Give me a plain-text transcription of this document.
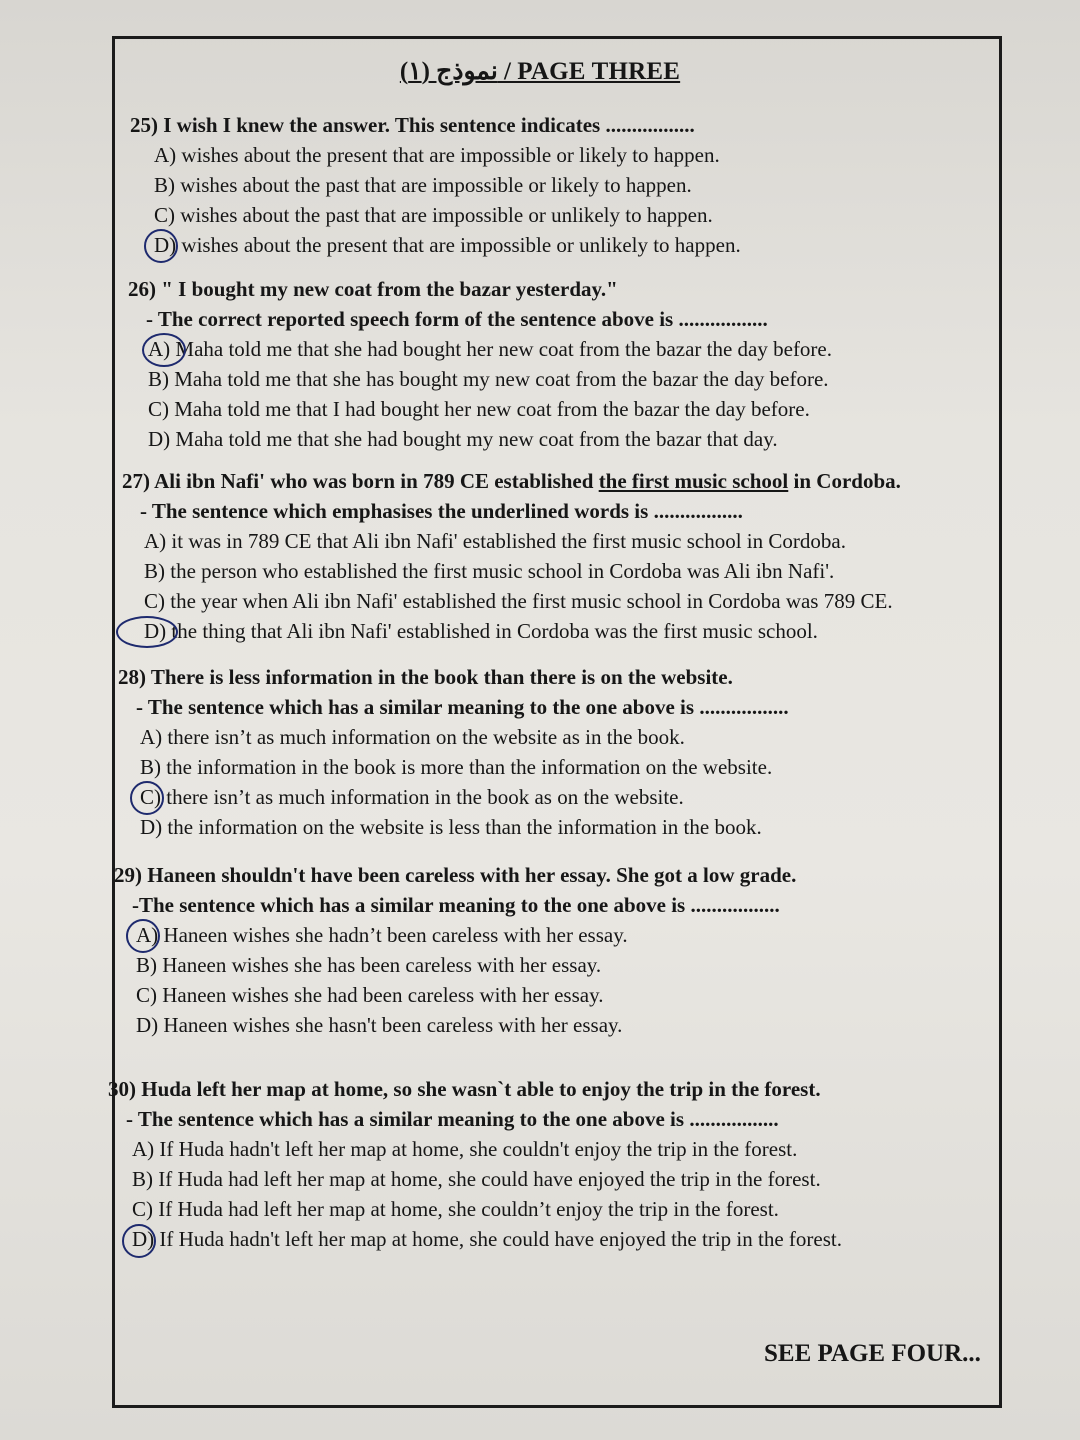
نموذج (١) / PAGE THREE
25) I wish I knew the answer. This sentence indicates .................
A) wishes about the present that are impossible or likely to happen.
B) wishes about the past that are impossible or likely to happen.
C) wishes about the past that are impossible or unlikely to happen.
D) wishes about the present that are impossible or unlikely to happen.
26) " I bought my new coat from the bazar yesterday."
- The correct reported speech form of the sentence above is .................
A) Maha told me that she had bought her new coat from the bazar the day before.
B) Maha told me that she has bought my new coat from the bazar the day before.
C) Maha told me that I had bought her new coat from the bazar the day before.
D) Maha told me that she had bought my new coat from the bazar that day.
27) Ali ibn Nafi' who was born in 789 CE established the first music school in Cordoba.
- The sentence which emphasises the underlined words is .................
A) it was in 789 CE that Ali ibn Nafi' established the first music school in Cordoba.
B) the person who established the first music school in Cordoba was Ali ibn Nafi'.
C) the year when Ali ibn Nafi' established the first music school in Cordoba was 789 CE.
D) the thing that Ali ibn Nafi' established in Cordoba was the first music school.
28) There is less information in the book than there is on the website.
- The sentence which has a similar meaning to the one above is .................
A) there isn’t as much information on the website as in the book.
B) the information in the book is more than the information on the website.
C) there isn’t as much information in the book as on the website.
D) the information on the website is less than the information in the book.
29) Haneen shouldn't have been careless with her essay. She got a low grade.
-The sentence which has a similar meaning to the one above is .................
A) Haneen wishes she hadn’t been careless with her essay.
B) Haneen wishes she has been careless with her essay.
C) Haneen wishes she had been careless with her essay.
D) Haneen wishes she hasn't been careless with her essay.
30) Huda left her map at home, so she wasn`t able to enjoy the trip in the forest.
- The sentence which has a similar meaning to the one above is .................
A) If Huda hadn't left her map at home, she couldn't enjoy the trip in the forest.
B) If Huda had left her map at home, she could have enjoyed the trip in the forest.
C) If Huda had left her map at home, she couldn’t enjoy the trip in the forest.
D) If Huda hadn't left her map at home, she could have enjoyed the trip in the forest.
SEE PAGE FOUR...
